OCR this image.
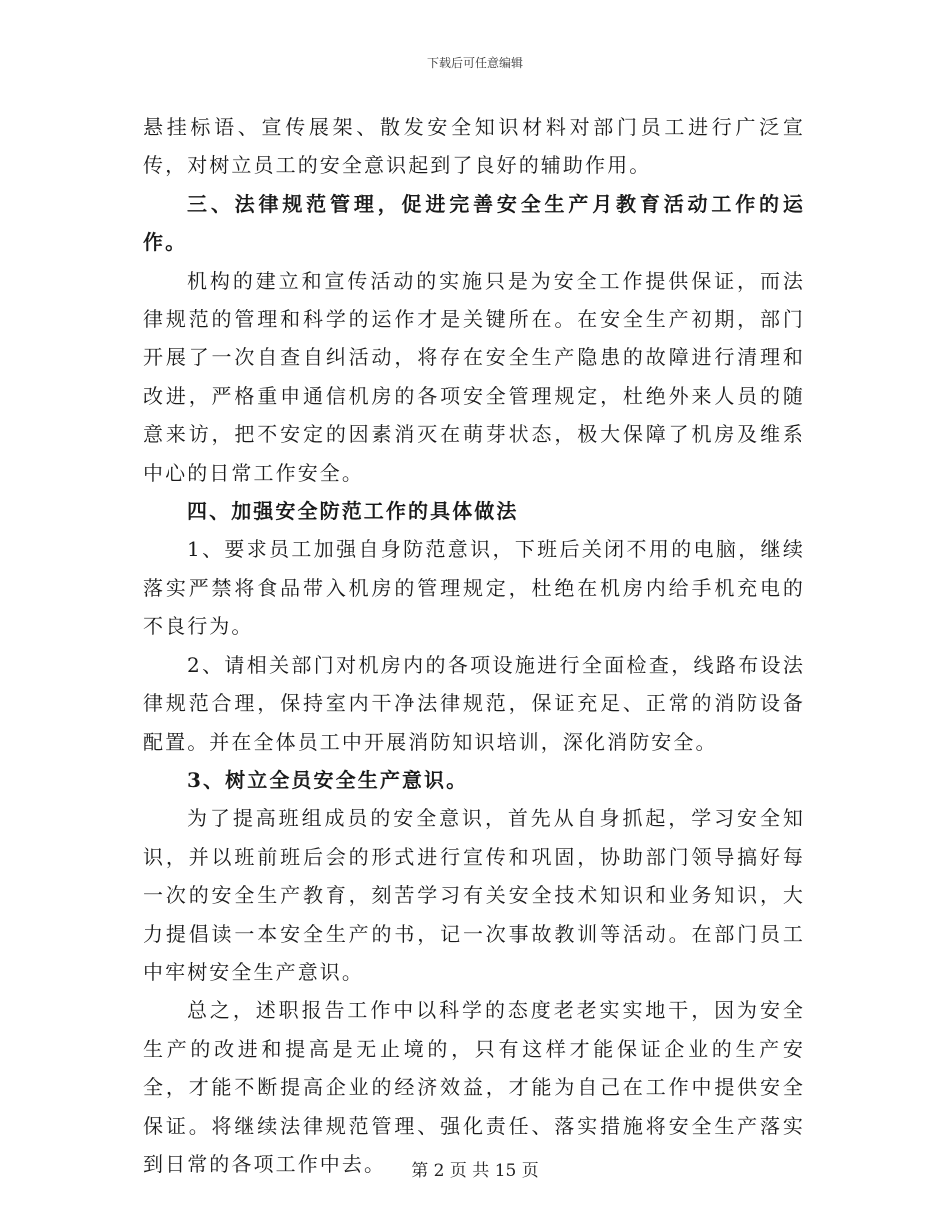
下载后可任意编辑

悬挂标语、宣传展架、散发安全知识材料对部门员工进行广泛宣传，对树立员工的安全意识起到了良好的辅助作用。

三、法律规范管理，促进完善安全生产月教育活动工作的运作。

机构的建立和宣传活动的实施只是为安全工作提供保证，而法律规范的管理和科学的运作才是关键所在。在安全生产初期，部门开展了一次自查自纠活动，将存在安全生产隐患的故障进行清理和改进，严格重申通信机房的各项安全管理规定，杜绝外来人员的随意来访，把不安定的因素消灭在萌芽状态，极大保障了机房及维系中心的日常工作安全。

四、加强安全防范工作的具体做法

1、要求员工加强自身防范意识，下班后关闭不用的电脑，继续落实严禁将食品带入机房的管理规定，杜绝在机房内给手机充电的不良行为。

2、请相关部门对机房内的各项设施进行全面检查，线路布设法律规范合理，保持室内干净法律规范，保证充足、正常的消防设备配置。并在全体员工中开展消防知识培训，深化消防安全。

3、树立全员安全生产意识。

为了提高班组成员的安全意识，首先从自身抓起，学习安全知识，并以班前班后会的形式进行宣传和巩固，协助部门领导搞好每一次的安全生产教育，刻苦学习有关安全技术知识和业务知识，大力提倡读一本安全生产的书，记一次事故教训等活动。在部门员工中牢树安全生产意识。

总之，述职报告工作中以科学的态度老老实实地干，因为安全生产的改进和提高是无止境的，只有这样才能保证企业的生产安全，才能不断提高企业的经济效益，才能为自己在工作中提供安全保证。将继续法律规范管理、强化责任、落实措施将安全生产落实到日常的各项工作中去。	第 2 页 共 15 页
